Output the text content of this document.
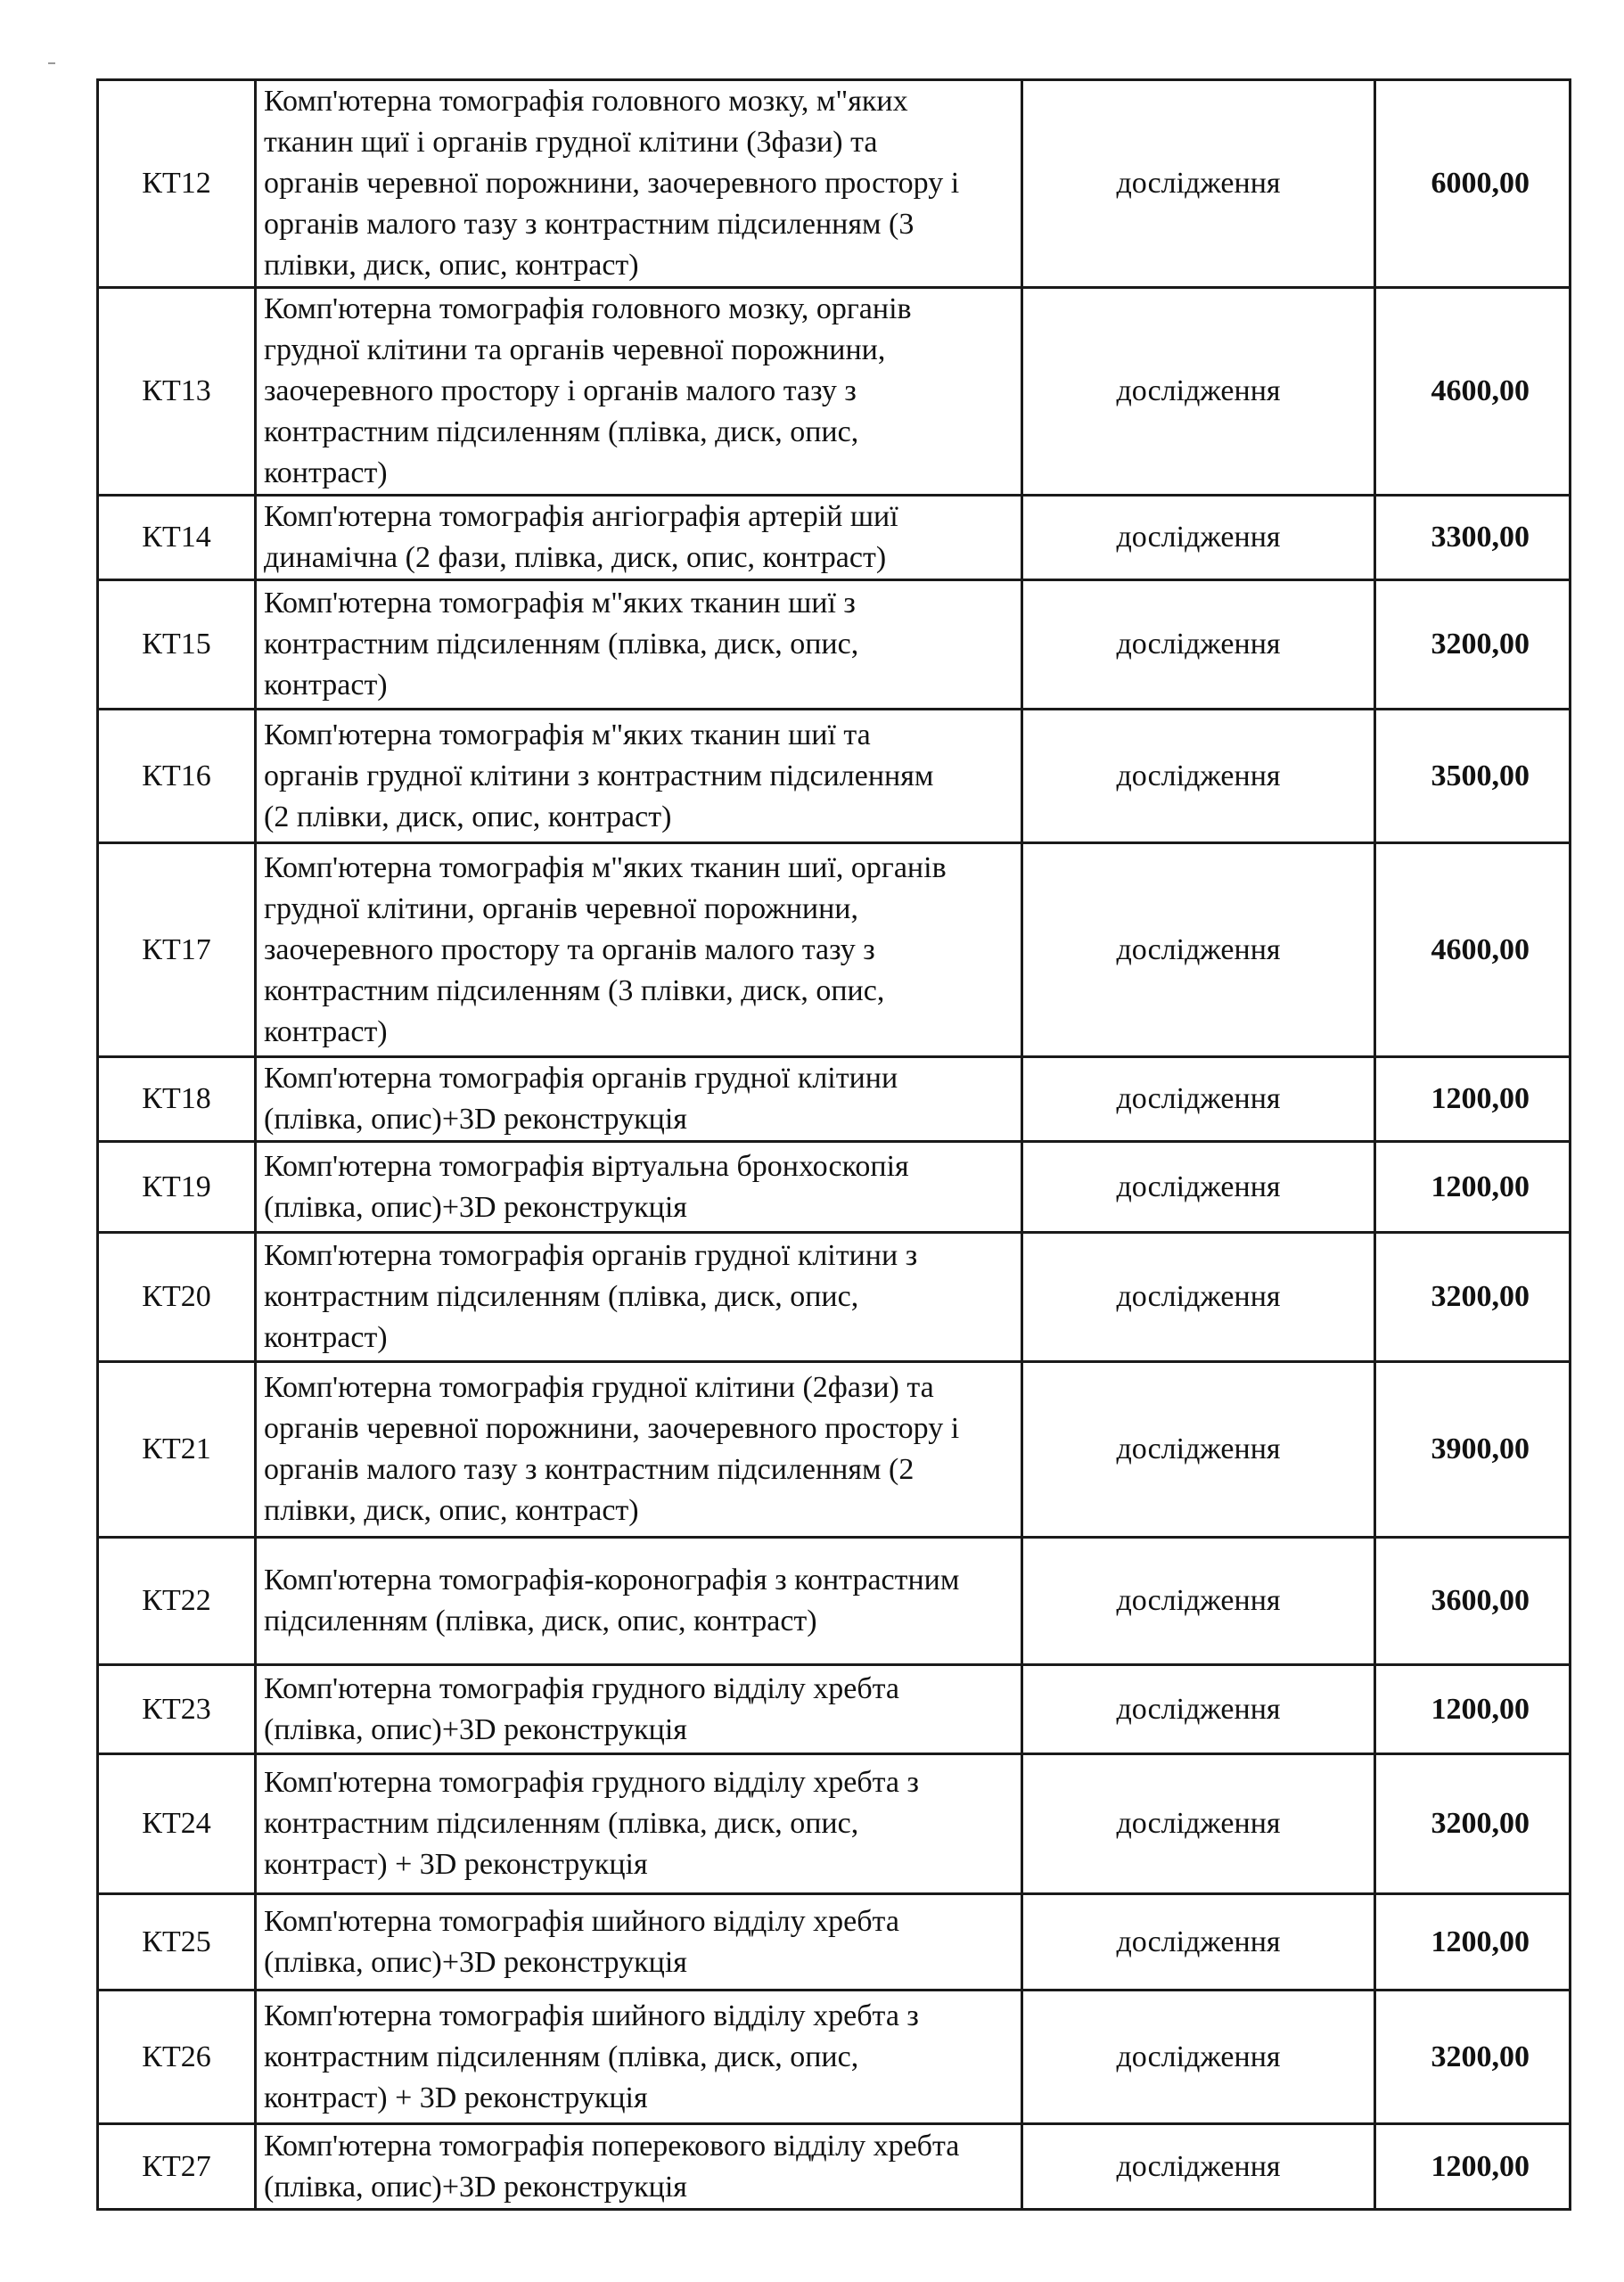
КТ12	Комп'ютерна томографія головного мозку, м"яких
тканин щиї і органів грудної клітини (3фази) та
органів черевної порожнини, заочеревного простору і
органів малого тазу з контрастним підсиленням (3
плівки, диск, опис, контраст)	дослідження	6000,00
КТ13	Комп'ютерна томографія головного мозку, органів
грудної клітини та органів черевної порожнини,
заочеревного простору і органів малого тазу з
контрастним підсиленням (плівка, диск, опис,
контраст)	дослідження	4600,00
КТ14	Комп'ютерна томографія ангіографія артерій шиї
динамічна (2 фази, плівка, диск, опис, контраст)	дослідження	3300,00
КТ15	Комп'ютерна томографія м"яких тканин шиї з
контрастним підсиленням (плівка, диск, опис,
контраст)	дослідження	3200,00
КТ16	Комп'ютерна томографія м"яких тканин шиї та
органів грудної клітини з контрастним підсиленням
(2 плівки, диск, опис, контраст)	дослідження	3500,00
КТ17	Комп'ютерна томографія м"яких тканин шиї, органів
грудної клітини, органів черевної порожнини,
заочеревного простору та органів малого тазу з
контрастним підсиленням (3 плівки, диск, опис,
контраст)	дослідження	4600,00
КТ18	Комп'ютерна томографія органів грудної клітини
(плівка, опис)+3D реконструкція	дослідження	1200,00
КТ19	Комп'ютерна томографія віртуальна бронхоскопія
(плівка, опис)+3D реконструкція	дослідження	1200,00
КТ20	Комп'ютерна томографія органів грудної клітини з
контрастним підсиленням (плівка, диск, опис,
контраст)	дослідження	3200,00
КТ21	Комп'ютерна томографія грудної клітини (2фази) та
органів черевної порожнини, заочеревного простору і
органів малого тазу з контрастним підсиленням (2
плівки, диск, опис, контраст)	дослідження	3900,00
КТ22	Комп'ютерна томографія-коронографія з контрастним
підсиленням (плівка, диск, опис, контраст)	дослідження	3600,00
КТ23	Комп'ютерна томографія грудного відділу хребта
(плівка, опис)+3D реконструкція	дослідження	1200,00
КТ24	Комп'ютерна томографія грудного відділу хребта з
контрастним підсиленням (плівка, диск, опис,
контраст) + 3D реконструкція	дослідження	3200,00
КТ25	Комп'ютерна томографія шийного відділу хребта
(плівка, опис)+3D реконструкція	дослідження	1200,00
КТ26	Комп'ютерна томографія шийного відділу хребта з
контрастним підсиленням (плівка, диск, опис,
контраст) + 3D реконструкція	дослідження	3200,00
КТ27	Комп'ютерна томографія поперекового відділу хребта
(плівка, опис)+3D реконструкція	дослідження	1200,00
